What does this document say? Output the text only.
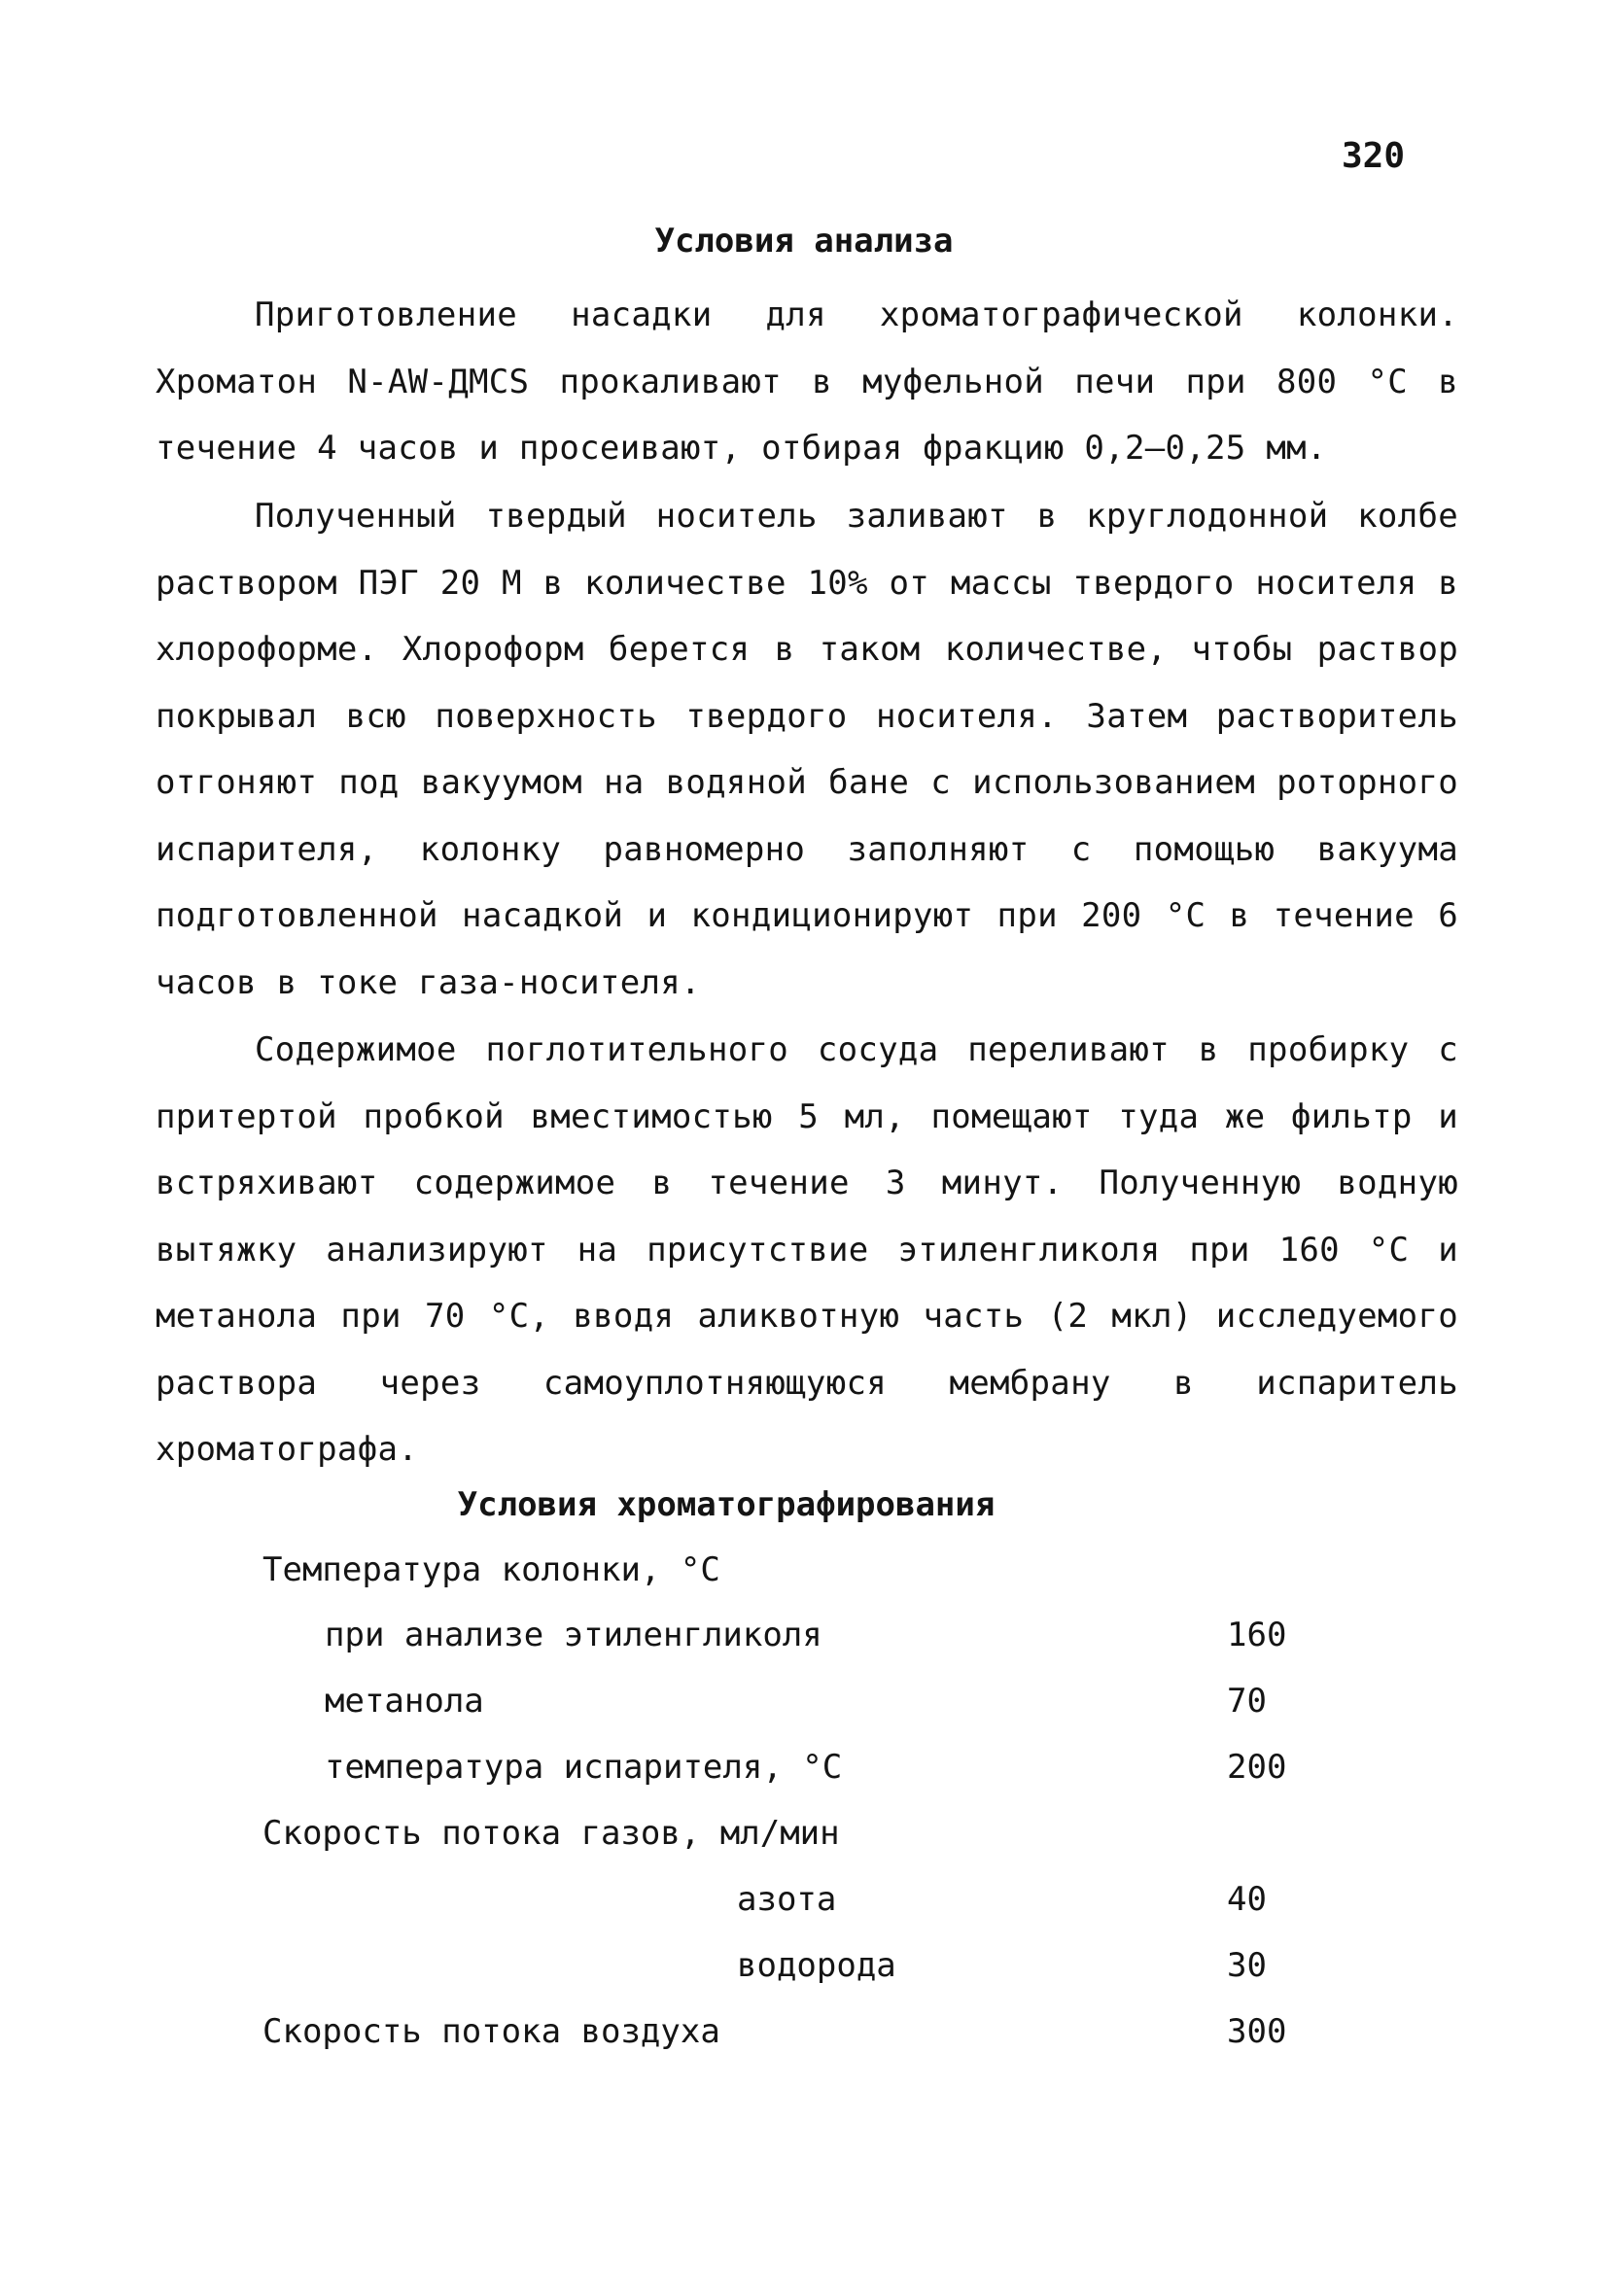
320
Условия анализа
Приготовление насадки для хроматографической колонки. Хроматон N-AW-ДМCS прокаливают в муфельной печи при 800 °C в течение 4 часов и просеивают, отбирая фракцию 0,2–0,25 мм.
Полученный твердый носитель заливают в круглодонной колбе раствором ПЭГ 20 М в количестве 10% от массы твердого носителя в хлороформе. Хлороформ берется в таком количестве, чтобы раствор покрывал всю поверхность твердого носителя. Затем растворитель отгоняют под вакуумом на водяной бане с использованием роторного испарителя, колонку равномерно заполняют с помощью вакуума подготовленной насадкой и кондиционируют при 200 °C в течение 6 часов в токе газа-носителя.
Содержимое поглотительного сосуда переливают в пробирку с притертой пробкой вместимостью 5 мл, помещают туда же фильтр и встряхивают содержимое в течение 3 минут. Полученную водную вытяжку анализируют на присутствие этиленгликоля при 160 °C и метанола при 70 °C, вводя аликвотную часть (2 мкл) исследуемого раствора через самоуплотняющуюся мембрану в испаритель хроматографа.
Условия хроматографирования
Температура колонки, °С
при анализе этиленгликоля	160
метанола	70
температура испарителя, °С	200
Скорость потока газов, мл/мин
азота	40
водорода	30
Скорость потока воздуха	300
